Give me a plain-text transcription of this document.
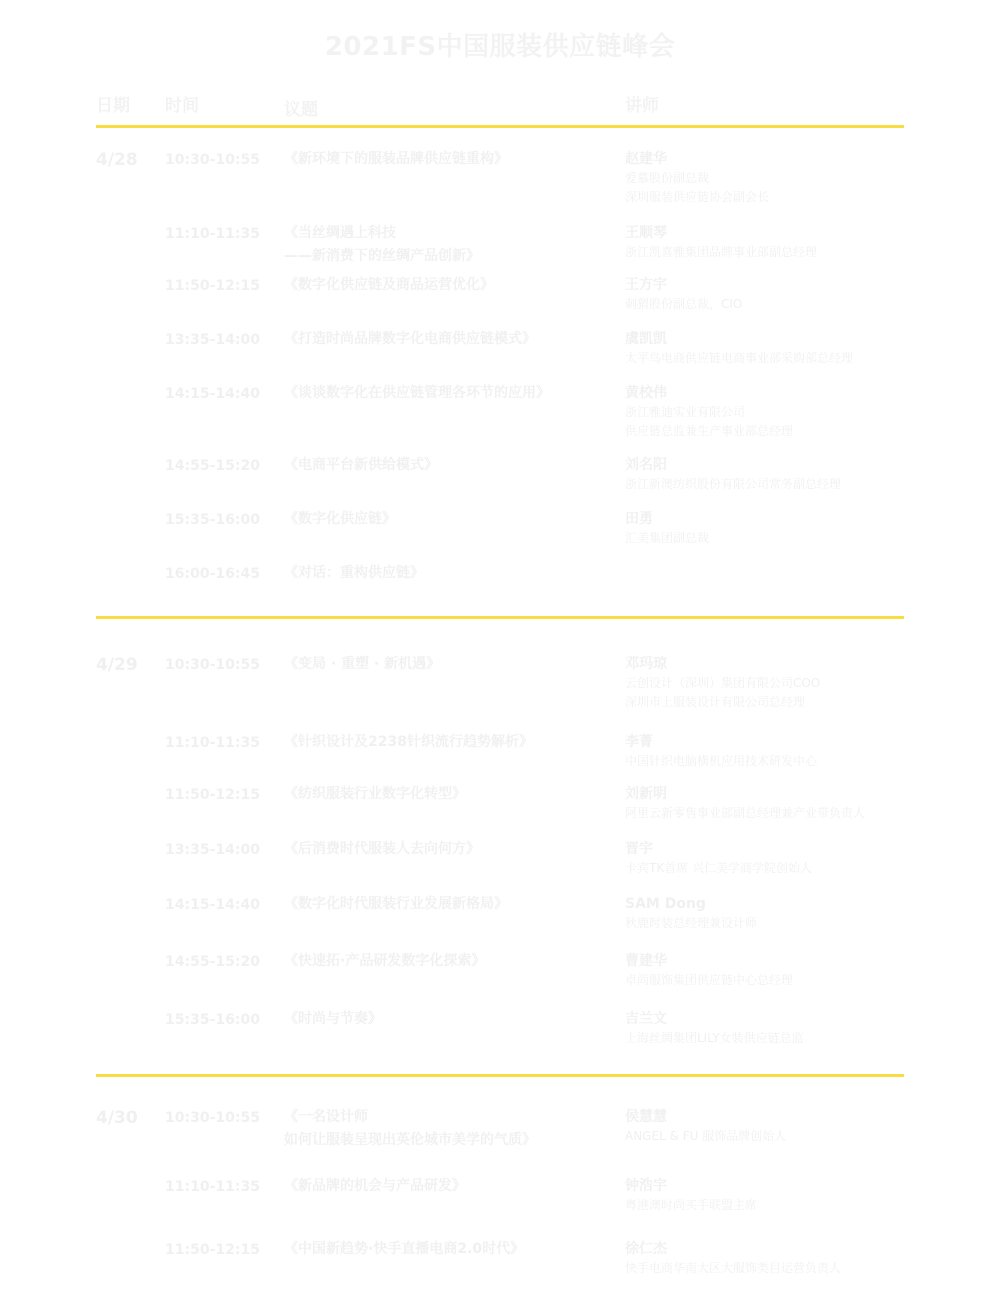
2021FS中国服装供应链峰会
日期 时间	议题	讲师
4/28 10:30-10:55 《新环境下的服装品牌供应链重构》	赵建华
爱慕股份副总裁
深圳服装供应链协会副会长
11:10-11:35 《当丝绸遇上科技
——新消费下的丝绸产品创新》
王顺琴
浙江凯喜雅集团品牌事业部副总经理
11:50-12:15 《数字化供应链及商品运营优化》	王方宇
刺猬股份副总裁，CIO
13:35-14:00 《打造时尚品牌数字化电商供应链模式》	虞凯凯
太平鸟电商供应链电商事业部采购部总经理
14:15-14:40 《谈谈数字化在供应链管理各环节的应用》	黄校伟
浙江雅迪实业有限公司
供应链总监兼生产事业部总经理
14:55-15:20 《电商平台新供给模式》	刘名阳
浙江新澳纺织股份有限公司常务副总经理
15:35-16:00 《数字化供应链》	田勇
汇美集团副总裁
16:00-16:45 《对话：重构供应链》
4/29 10:30-10:55 《变局 · 重塑 · 新机遇》	邓玛琼
云创设计（深圳）集团有限公司COO
深圳市上服装设计有限公司总经理
11:10-11:35 《针织设计及2238针织流行趋势解析》	李菁
中国针织电脑横机应用技术研发中心
11:50-12:15 《纺织服装行业数字化转型》	刘新明
阿里云新零售事业部副总经理兼产业带负责人
13:35-14:00 《后消费时代服装人去向何方》	晋宇
卡宾TK首席 兴仁美学商学院创始人
14:15-14:40 《数字化时代服装行业发展新格局》	SAM Dong
秋鹿时装总经理兼设计师
14:55-15:20 《快速拓·产品研发数字化探索》	曹建华
卓尚服饰集团供应链中心总经理
15:35-16:00 《时尚与节奏》	吉兰文
上海丝绸集团LILY女装供应链总监
4/30 10:30-10:55 《一名设计师
如何让服装呈现出英伦城市美学的气质》
侯慧慧
ANGEL & FU 服饰品牌创始人
11:10-11:35 《新品牌的机会与产品研发》	钟浩宇
粤港澳时尚买手联盟主席
11:50-12:15 《中国新趋势·快手直播电商2.0时代》	徐仁杰
快手电商华南大区大服饰类目运营负责人
